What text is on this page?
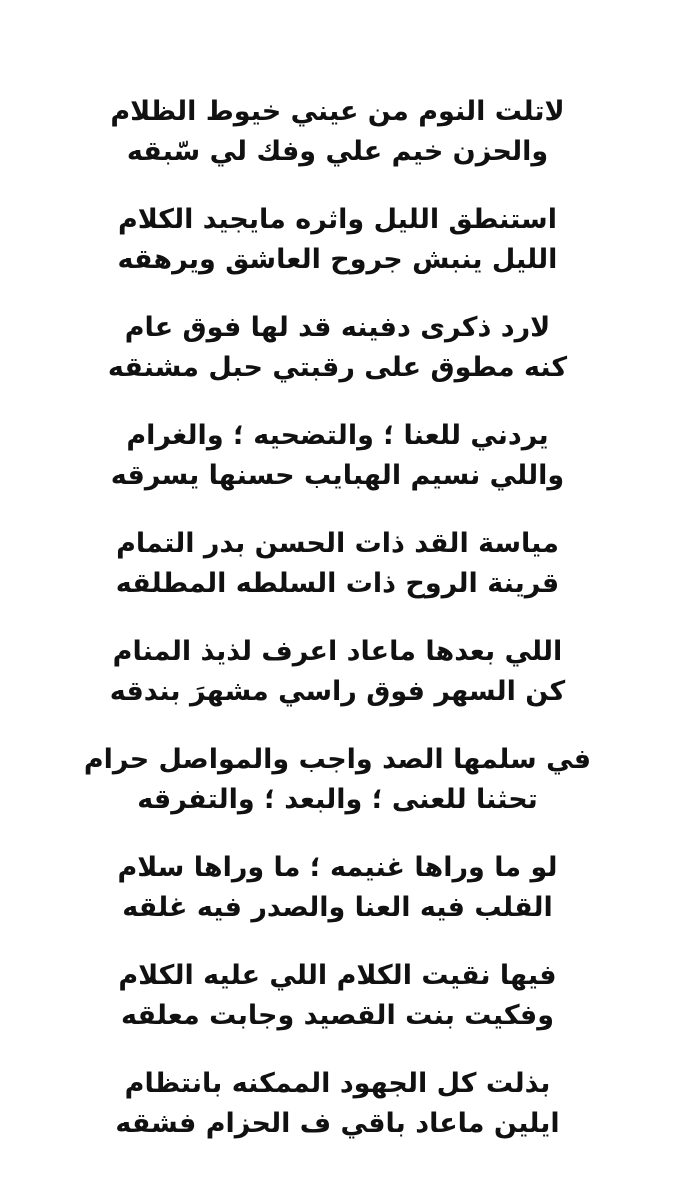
لاتلت النوم من عيني خيوط الظلام
والحزن خيم علي وفك لي سّبقه
استنطق الليل واثره مايجيد الكلام
الليل ينبش جروح العاشق ويرهقه
لارد ذكرى دفينه قد لها فوق عام
كنه مطوق على رقبتي حبل مشنقه
يردني للعنا ؛ والتضحيه ؛ والغرام
واللي نسيم الهبايب حسنها يسرقه
مياسة القد ذات الحسن بدر التمام
قرينة الروح ذات السلطه المطلقه
اللي بعدها ماعاد اعرف لذيذ المنام
كن السهر فوق راسي مشهرَ بندقه
في سلمها الصد واجب والمواصل حرام
تحثنا للعنى ؛ والبعد ؛ والتفرقه
لو ما وراها غنيمه ؛ ما وراها سلام
القلب فيه العنا والصدر فيه غلقه
فيها نقيت الكلام اللي عليه الكلام
وفكيت بنت القصيد وجابت معلقه
بذلت كل الجهود الممكنه بانتظام
ايلين ماعاد باقي ف الحزام فشقه
